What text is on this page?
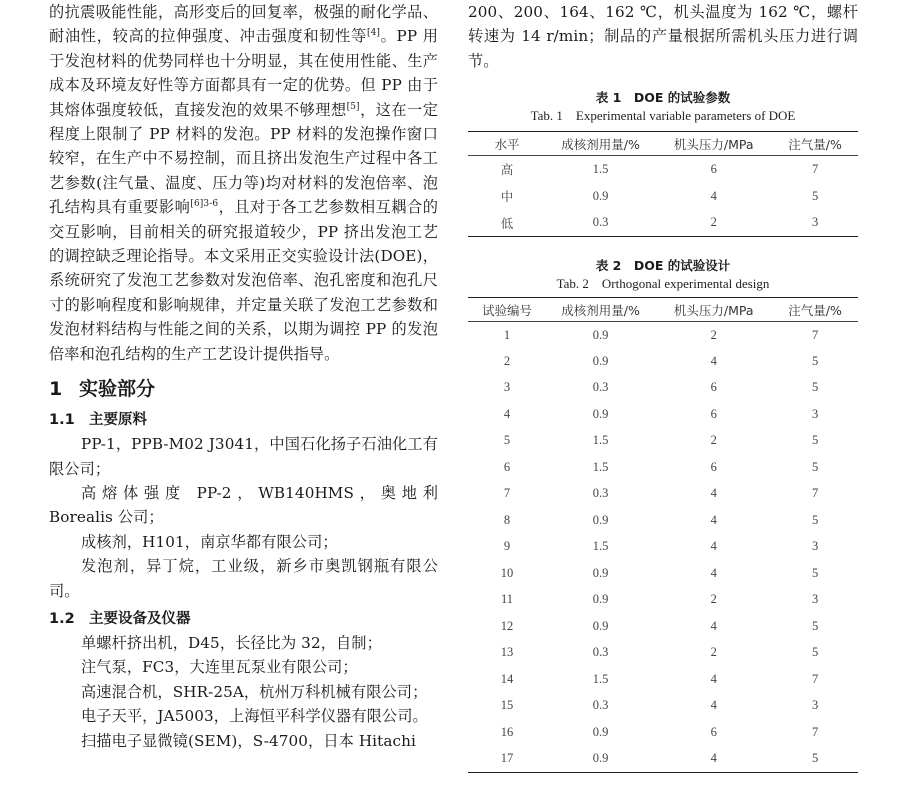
的抗震吸能性能，高形变后的回复率，极强的耐化学品、耐油性，较高的拉伸强度、冲击强度和韧性等[4]。PP 用于发泡材料的优势同样也十分明显，其在使用性能、生产成本及环境友好性等方面都具有一定的优势。但 PP 由于其熔体强度较低，直接发泡的效果不够理想[5]，这在一定程度上限制了 PP 材料的发泡。PP 材料的发泡操作窗口较窄，在生产中不易控制，而且挤出发泡生产过程中各工艺参数(注气量、温度、压力等)均对材料的发泡倍率、泡孔结构具有重要影响$^{[6]3-6}$，且对于各工艺参数相互耦合的交互影响，目前相关的研究报道较少，PP 挤出发泡工艺的调控缺乏理论指导。本文采用正交实验设计法(DOE)，系统研究了发泡工艺参数对发泡倍率、泡孔密度和泡孔尺寸的影响程度和影响规律，并定量关联了发泡工艺参数和发泡材料结构与性能之间的关系，以期为调控 PP 的发泡倍率和泡孔结构的生产工艺设计提供指导。

1 实验部分
1.1 主要原料

PP-1，PPB-M02 J3041，中国石化扬子石油化工有限公司；

高熔体强度 PP-2，WB140HMS，奥地利 Borealis 公司；

成核剂，H101，南京华都有限公司；

发泡剂，异丁烷，工业级，新乡市奥凯钢瓶有限公司。

1.2 主要设备及仪器

单螺杆挤出机，D45，长径比为 32，自制；

注气泵，FC3，大连里瓦泵业有限公司；

高速混合机，SHR-25A，杭州万科机械有限公司；

电子天平，JA5003，上海恒平科学仪器有限公司。

扫描电子显微镜(SEM)，S-4700，日本 Hitachi

200、200、164、162 ℃，机头温度为 162 ℃，螺杆转速为 14 r/min；制品的产量根据所需机头压力进行调节。

表 1　DOE 的试验参数
Tab. 1　Experimental variable parameters of DOE
水平	成核剂用量/%	机头压力/MPa	注气量/%
高	1.5	6	7
中	0.9	4	5
低	0.3	2	3
表 2　DOE 的试验设计
Tab. 2　Orthogonal experimental design
试验编号	成核剂用量/%	机头压力/MPa	注气量/%
1	0.9	2	7
2	0.9	4	5
3	0.3	6	5
4	0.9	6	3
5	1.5	2	5
6	1.5	6	5
7	0.3	4	7
8	0.9	4	5
9	1.5	4	3
10	0.9	4	5
11	0.9	2	3
12	0.9	4	5
13	0.3	2	5
14	1.5	4	7
15	0.3	4	3
16	0.9	6	7
17	0.9	4	5
